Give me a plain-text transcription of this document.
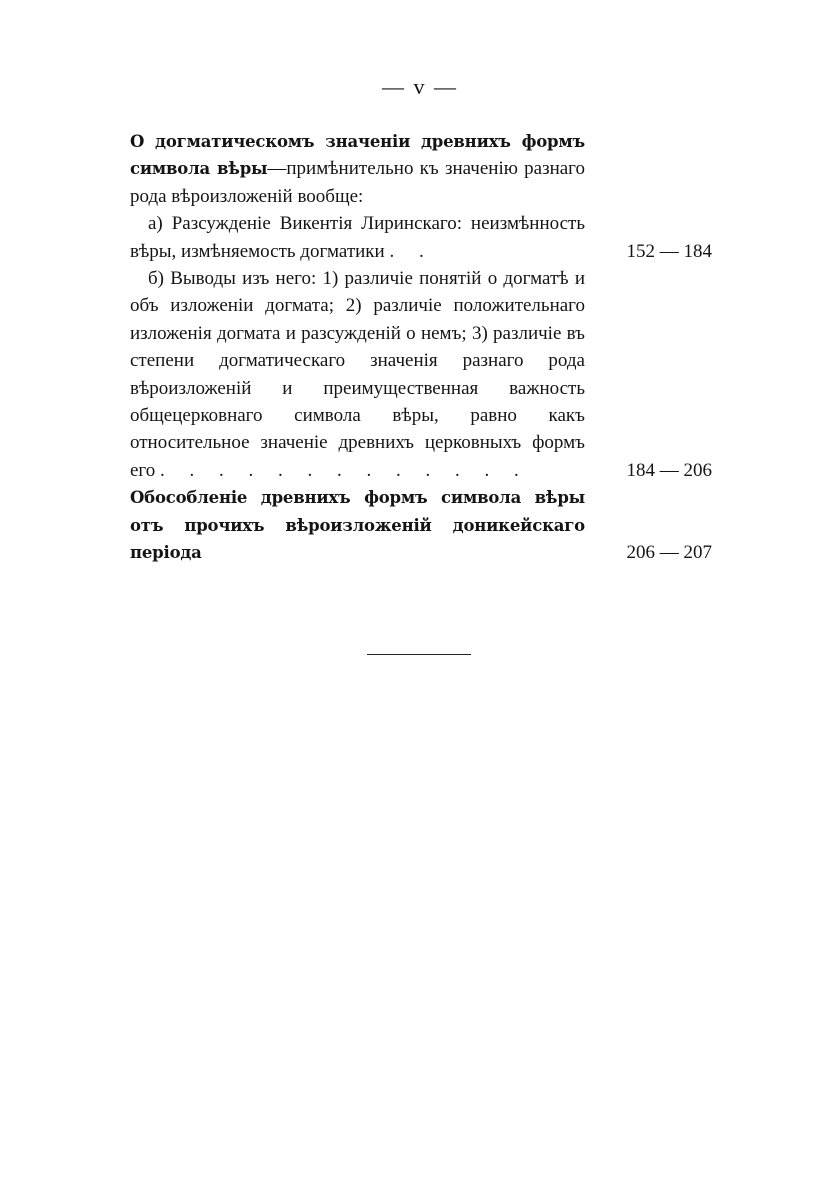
— v —
О догматическомъ значеніи древнихъ формъ символа вѣры—примѣнительно къ значенію разнаго рода вѣроизложеній вообще:
а) Разсужденіе Викентія Лиринскаго: неизмѣнность вѣры, измѣняемость догматики . .	152 — 184
б) Выводы изъ него: 1) различіе понятій о догматѣ и объ изложеніи догмата; 2) различіе положительнаго изложенія догмата и разсужденій о немъ; 3) различіе въ степени догматическаго значенія разнаго рода вѣроизложеній и преимущественная важность общецерковнаго символа вѣры, равно какъ относительное значеніе древнихъ церковныхъ формъ его . . . . . . . . . . . . .	184 — 206
Обособленіе древнихъ формъ символа вѣры отъ прочихъ вѣроизложеній доникейскаго періода	206 — 207
